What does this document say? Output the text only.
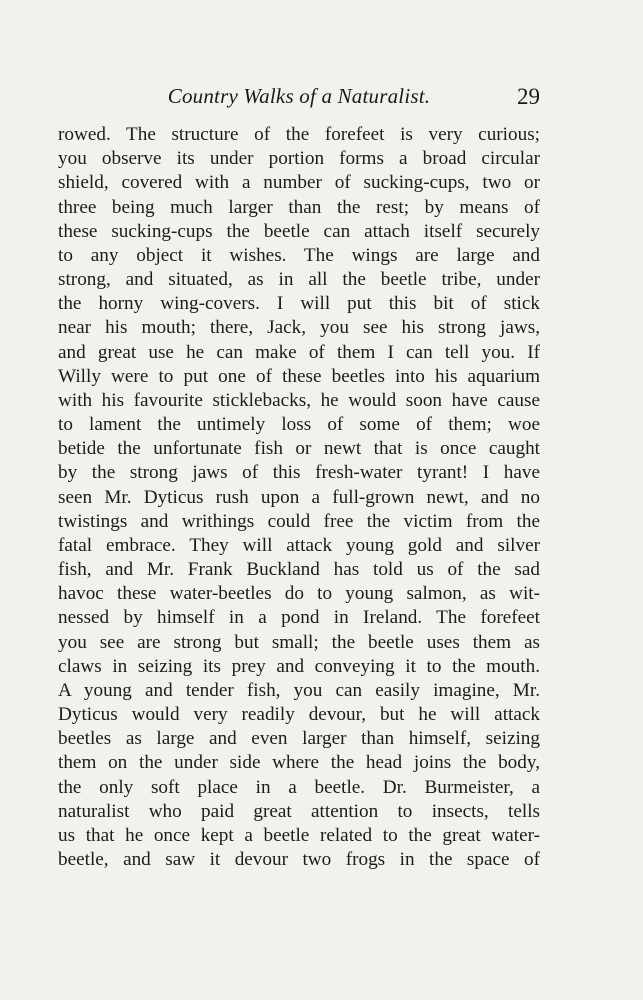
Country Walks of a Naturalist.	29
rowed. The structure of the forefeet is very curious;
you observe its under portion forms a broad circular
shield, covered with a number of sucking-cups, two or
three being much larger than the rest; by means of
these sucking-cups the beetle can attach itself securely
to any object it wishes. The wings are large and
strong, and situated, as in all the beetle tribe, under
the horny wing-covers. I will put this bit of stick
near his mouth; there, Jack, you see his strong jaws,
and great use he can make of them I can tell you. If
Willy were to put one of these beetles into his aquarium
with his favourite sticklebacks, he would soon have cause
to lament the untimely loss of some of them; woe
betide the unfortunate fish or newt that is once caught
by the strong jaws of this fresh-water tyrant! I have
seen Mr. Dyticus rush upon a full-grown newt, and no
twistings and writhings could free the victim from the
fatal embrace. They will attack young gold and silver
fish, and Mr. Frank Buckland has told us of the sad
havoc these water-beetles do to young salmon, as wit-
nessed by himself in a pond in Ireland. The forefeet
you see are strong but small; the beetle uses them as
claws in seizing its prey and conveying it to the mouth.
A young and tender fish, you can easily imagine, Mr.
Dyticus would very readily devour, but he will attack
beetles as large and even larger than himself, seizing
them on the under side where the head joins the body,
the only soft place in a beetle. Dr. Burmeister, a
naturalist who paid great attention to insects, tells
us that he once kept a beetle related to the great water-
beetle, and saw it devour two frogs in the space of
